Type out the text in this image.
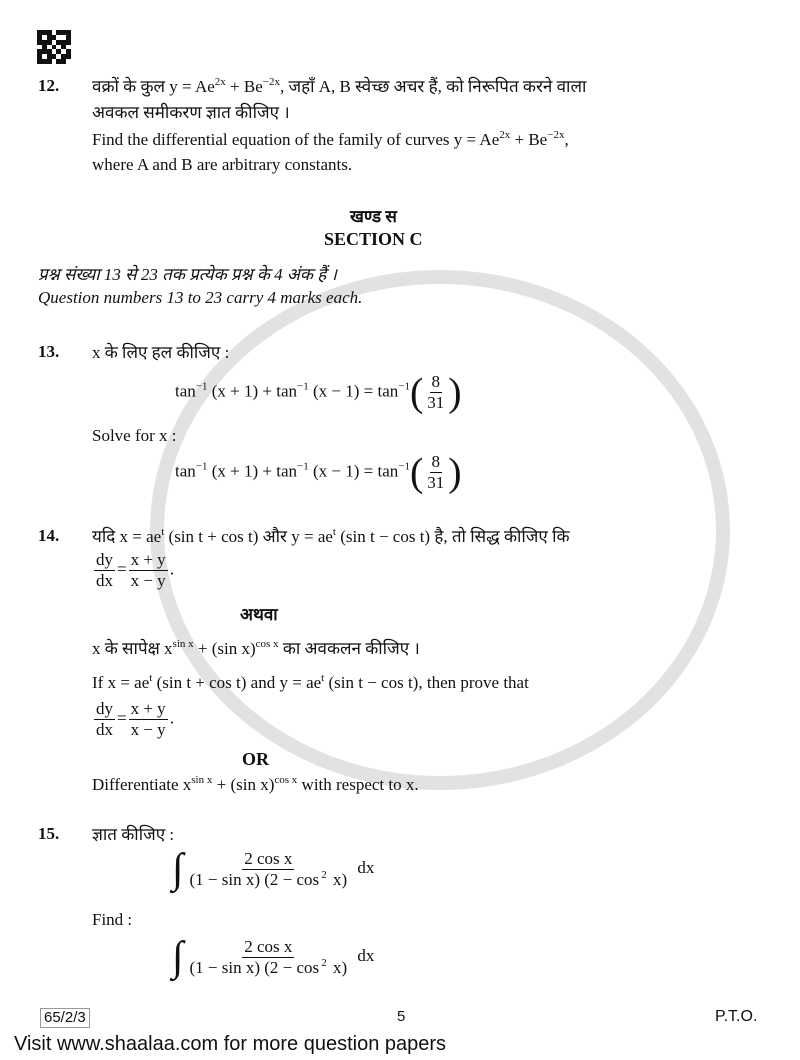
12. वक्रों के कुल $y = Ae^{2x} + Be^{-2x}$, जहाँ A, B स्वेच्छ अचर हैं, को निरूपित करने वाला
अवकल समीकरण ज्ञात कीजिए ।
Find the differential equation of the family of curves $y = Ae^{2x} + Be^{-2x}$,
where A and B are arbitrary constants.
खण्ड स
SECTION C
प्रश्न संख्या 13 से 23 तक प्रत्येक प्रश्न के 4 अंक हैं ।
Question numbers 13 to 23 carry 4 marks each.
13. x के लिए हल कीजिए :
$\tan^{-1} (x + 1) + \tan^{-1} (x - 1) = \tan^{-1}( \frac{8}{31}$ )
Solve for x :
$\tan^{-1} (x + 1) + \tan^{-1} (x - 1) = \tan^{-1}( \frac{8}{31}$ )
14. यदि $x = ae^t$ (sin t + cos t) और $y = ae^t$ (sin t − cos t) है, तो सिद्ध कीजिए कि
$\frac{dy}{dx} = \frac{x + y}{x - y}$ .
अथवा
x के सापेक्ष $x^{sin x} + (\sin$ x)$^{cos x}$ का अवकलन कीजिए ।
If $x = ae^t$ (sin t + cos t) and $y = ae^t$ (sin t − cos t), then prove that
$\frac{dy}{dx} = \frac{x + y}{x - y}$ .
OR
Differentiate $x^{sin x} + (\sin$ x)$^{cos x}$ with respect to x.
15. ज्ञात कीजिए :
∫ $\frac{\text{2 cos x}}{(1 - \sin x) (2 - \cos ^2 x)}$ dx
Find :
∫ $\frac{\text{2 cos x}}{(1 - \sin x) (2 - \cos ^2 x)}$ dx
65/2/3	5	P.T.O.
Visit www.shaalaa.com for more question papers
